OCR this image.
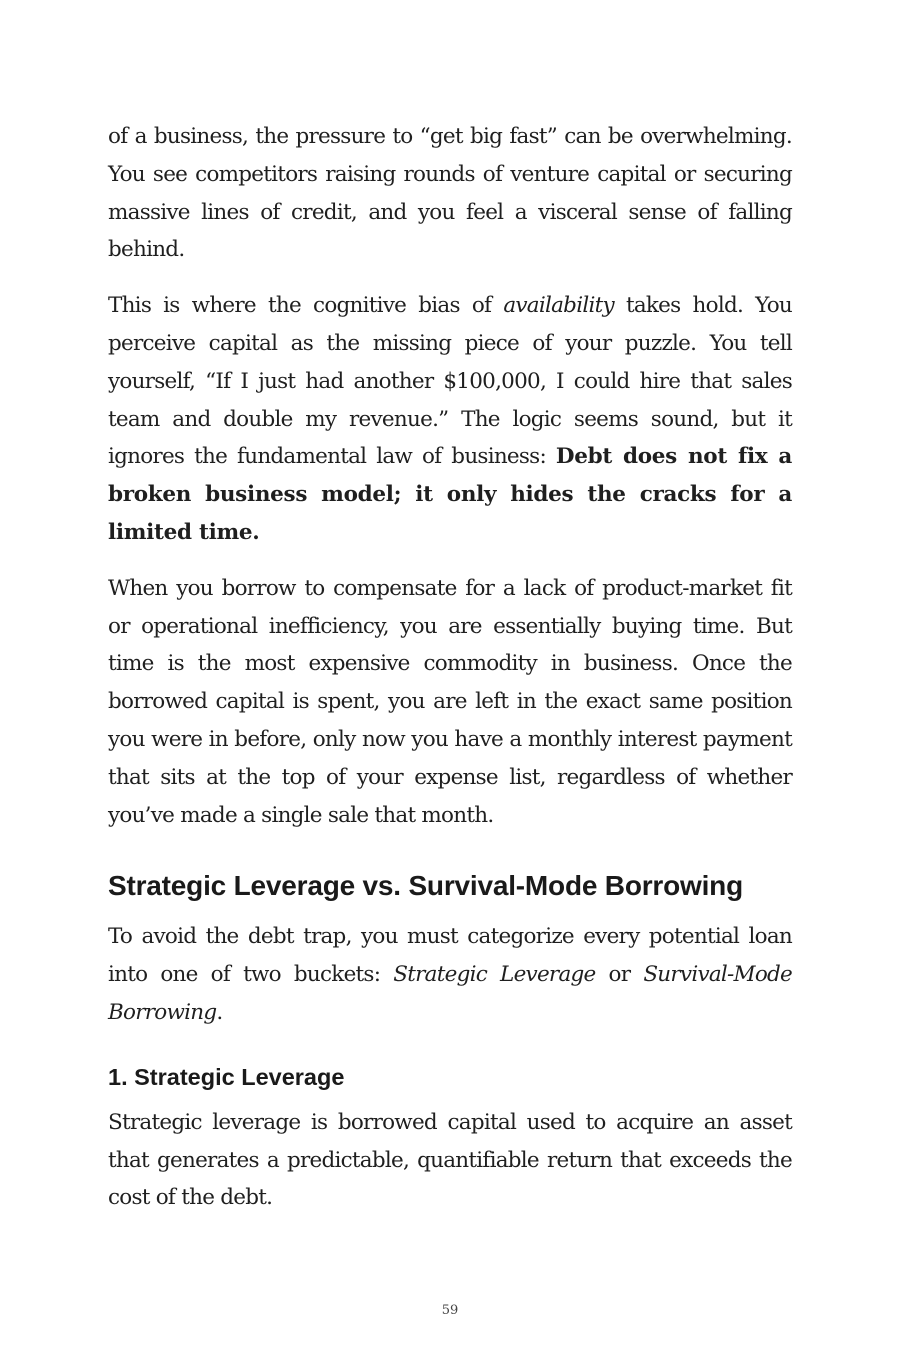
of a business, the pressure to “get big fast” can be overwhelming. You see competitors raising rounds of venture capital or securing massive lines of credit, and you feel a visceral sense of falling behind.

This is where the cognitive bias of availability takes hold. You perceive capital as the missing piece of your puzzle. You tell yourself, “If I just had another $100,000, I could hire that sales team and double my revenue.” The logic seems sound, but it ignores the fundamental law of business: Debt does not fix a broken business model; it only hides the cracks for a limited time.

When you borrow to compensate for a lack of product-market fit or operational inefficiency, you are essentially buying time. But time is the most expensive commodity in business. Once the borrowed capital is spent, you are left in the exact same position you were in before, only now you have a monthly interest payment that sits at the top of your expense list, regardless of whether you’ve made a single sale that month.

Strategic Leverage vs. Survival-Mode Borrowing

To avoid the debt trap, you must categorize every potential loan into one of two buckets: Strategic Leverage or Survival-Mode Borrowing.

1. Strategic Leverage

Strategic leverage is borrowed capital used to acquire an asset that generates a predictable, quantifiable return that exceeds the cost of the debt.

59
